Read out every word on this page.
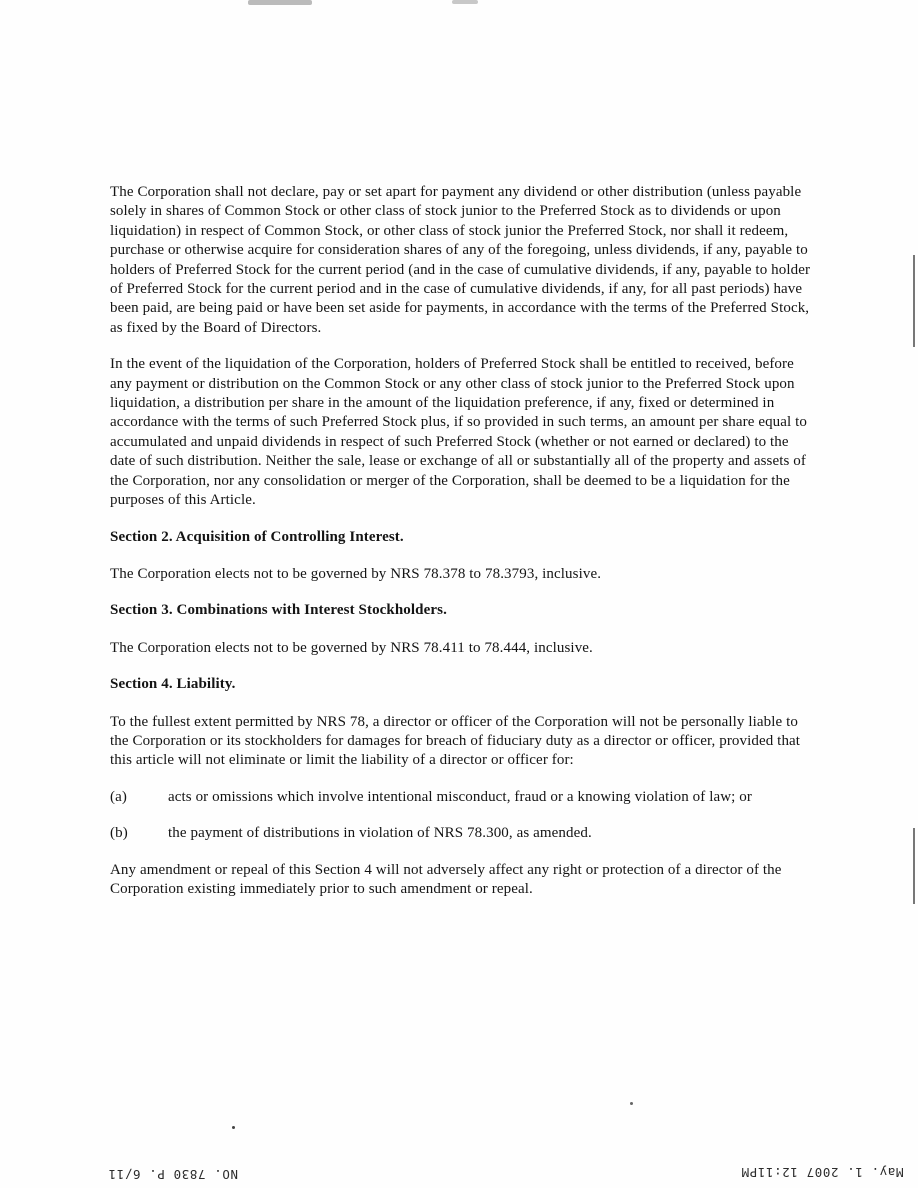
The Corporation shall not declare, pay or set apart for payment any dividend or other distribution (unless payable solely in shares of Common Stock or other class of stock junior to the Preferred Stock as to dividends or upon liquidation) in respect of Common Stock, or other class of stock junior the Preferred Stock, nor shall it redeem, purchase or otherwise acquire for consideration shares of any of the foregoing, unless dividends, if any, payable to holders of Preferred Stock for the current period (and in the case of cumulative dividends, if any, payable to holder of Preferred Stock for the current period and in the case of cumulative dividends, if any, for all past periods) have been paid, are being paid or have been set aside for payments, in accordance with the terms of the Preferred Stock, as fixed by the Board of Directors.

In the event of the liquidation of the Corporation, holders of Preferred Stock shall be entitled to received, before any payment or distribution on the Common Stock or any other class of stock junior to the Preferred Stock upon liquidation, a distribution per share in the amount of the liquidation preference, if any, fixed or determined in accordance with the terms of such Preferred Stock plus, if so provided in such terms, an amount per share equal to accumulated and unpaid dividends in respect of such Preferred Stock (whether or not earned or declared) to the date of such distribution. Neither the sale, lease or exchange of all or substantially all of the property and assets of the Corporation, nor any consolidation or merger of the Corporation, shall be deemed to be a liquidation for the purposes of this Article.

Section 2. Acquisition of Controlling Interest.

The Corporation elects not to be governed by NRS 78.378 to 78.3793, inclusive.

Section 3. Combinations with Interest Stockholders.

The Corporation elects not to be governed by NRS 78.411 to 78.444, inclusive.

Section 4. Liability.

To the fullest extent permitted by NRS 78, a director or officer of the Corporation will not be personally liable to the Corporation or its stockholders for damages for breach of fiduciary duty as a director or officer, provided that this article will not eliminate or limit the liability of a director or officer for:

(a)	acts or omissions which involve intentional misconduct, fraud or a knowing violation of law; or
(b)	the payment of distributions in violation of NRS 78.300, as amended.

Any amendment or repeal of this Section 4 will not adversely affect any right or protection of a director of the Corporation existing immediately prior to such amendment or repeal.

NO. 7830 P. 6/11	May. 1. 2007 12:11PM
